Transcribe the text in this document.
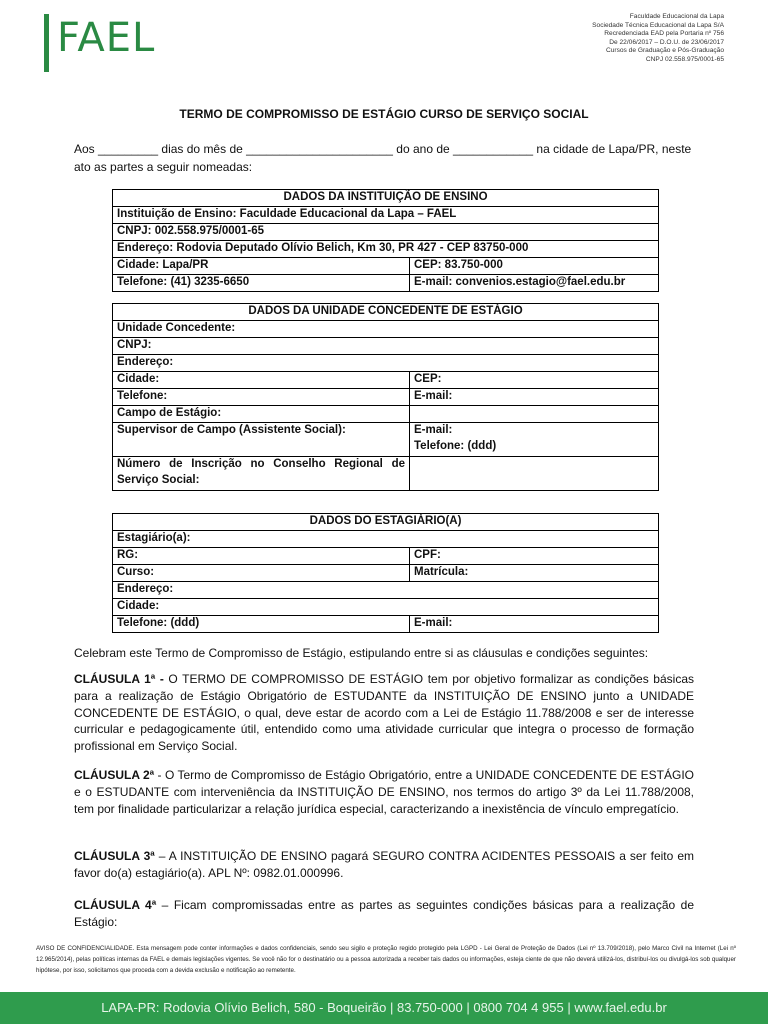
FAEL	Faculdade Educacional da Lapa
Sociedade Técnica Educacional da Lapa S/A
Recredenciada EAD pela Portaria nº 756
De 22/06/2017 – D.O.U. de 23/06/2017
Cursos de Graduação e Pós-Graduação
CNPJ 02.558.975/0001-65
TERMO DE COMPROMISSO DE ESTÁGIO CURSO DE SERVIÇO SOCIAL
Aos _________ dias do mês de ______________________ do ano de ____________ na cidade de Lapa/PR, neste ato as partes a seguir nomeadas:
DADOS DA INSTITUIÇÃO DE ENSINO	
Instituição de Ensino: Faculdade Educacional da Lapa – FAEL	
CNPJ: 002.558.975/0001-65	
Endereço: Rodovia Deputado Olívio Belich, Km 30, PR 427 - CEP 83750-000	
Cidade: Lapa/PR	CEP: 83.750-000
Telefone: (41) 3235-6650	E-mail: convenios.estagio@fael.edu.br
DADOS DA UNIDADE CONCEDENTE DE ESTÁGIO	
Unidade Concedente:	
CNPJ:	
Endereço:	
Cidade:	CEP:
Telefone:	E-mail:
Campo de Estágio:	
Supervisor de Campo (Assistente Social):	E-mail:
Telefone: (ddd)

Número de Inscrição no Conselho Regional de Serviço Social:	
DADOS DO ESTAGIÁRIO(A)	
Estagiário(a):	
RG:	CPF:
Curso:	Matrícula:
Endereço:	
Cidade:	
Telefone: (ddd)	E-mail:
Celebram este Termo de Compromisso de Estágio, estipulando entre si as cláusulas e condições seguintes:
CLÁUSULA 1ª - O TERMO DE COMPROMISSO DE ESTÁGIO tem por objetivo formalizar as condições básicas para a realização de Estágio Obrigatório de ESTUDANTE da INSTITUIÇÃO DE ENSINO junto a UNIDADE CONCEDENTE DE ESTÁGIO, o qual, deve estar de acordo com a Lei de Estágio 11.788/2008 e ser de interesse curricular e pedagogicamente útil, entendido como uma atividade curricular que integra o processo de formação profissional em Serviço Social.
CLÁUSULA 2ª - O Termo de Compromisso de Estágio Obrigatório, entre a UNIDADE CONCEDENTE DE ESTÁGIO e o ESTUDANTE com interveniência da INSTITUIÇÃO DE ENSINO, nos termos do artigo 3º da Lei 11.788/2008, tem por finalidade particularizar a relação jurídica especial, caracterizando a inexistência de vínculo empregatício.
CLÁUSULA 3ª – A INSTITUIÇÃO DE ENSINO pagará SEGURO CONTRA ACIDENTES PESSOAIS a ser feito em favor do(a) estagiário(a). APL Nº: 0982.01.000996.
CLÁUSULA 4ª – Ficam compromissadas entre as partes as seguintes condições básicas para a realização de Estágio:
AVISO DE CONFIDENCIALIDADE. Esta mensagem pode conter informações e dados confidenciais, sendo seu sigilo e proteção regido protegido pela LGPD - Lei Geral de Proteção de Dados (Lei nº 13.709/2018), pelo Marco Civil na Internet (Lei nº 12.965/2014), pelas políticas internas da FAEL e demais legislações vigentes. Se você não for o destinatário ou a pessoa autorizada a receber tais dados ou informações, esteja ciente de que não deverá utilizá-los, distribuí-los ou divulgá-los sob qualquer hipótese, por isso, solicitamos que proceda com a devida exclusão e notificação ao remetente.
LAPA-PR: Rodovia Olívio Belich, 580 - Boqueirão | 83.750-000 | 0800 704 4 955 | www.fael.edu.br
